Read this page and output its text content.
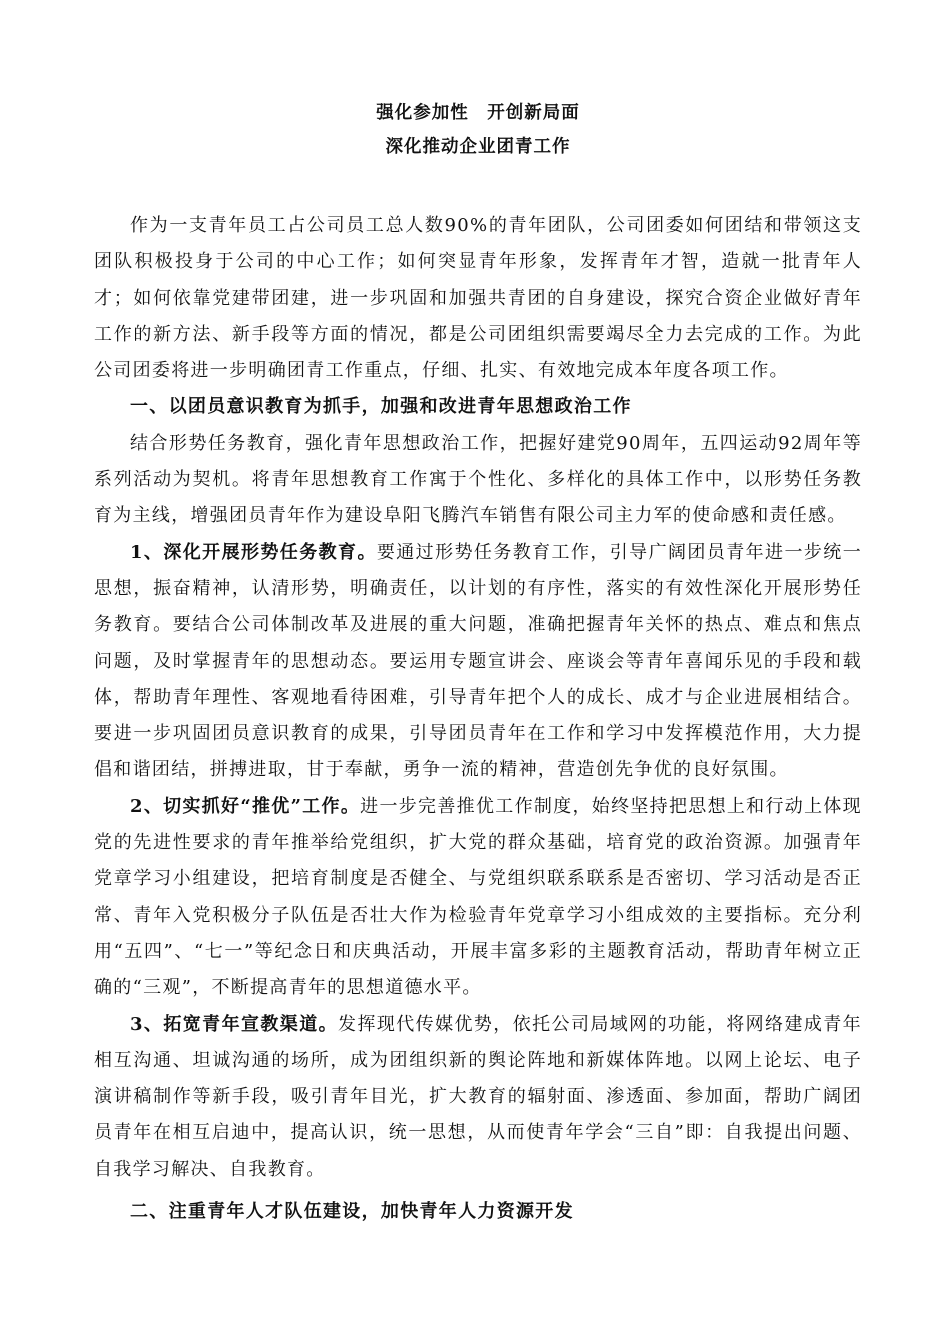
强化参加性　开创新局面

深化推动企业团青工作

作为一支青年员工占公司员工总人数90%的青年团队，公司团委如何团结和带领这支团队积极投身于公司的中心工作；如何突显青年形象，发挥青年才智，造就一批青年人才；如何依靠党建带团建，进一步巩固和加强共青团的自身建设，探究合资企业做好青年工作的新方法、新手段等方面的情况，都是公司团组织需要竭尽全力去完成的工作。为此公司团委将进一步明确团青工作重点，仔细、扎实、有效地完成本年度各项工作。

一、以团员意识教育为抓手，加强和改进青年思想政治工作

结合形势任务教育，强化青年思想政治工作，把握好建党90周年，五四运动92周年等系列活动为契机。将青年思想教育工作寓于个性化、多样化的具体工作中，以形势任务教育为主线，增强团员青年作为建设阜阳飞腾汽车销售有限公司主力军的使命感和责任感。

1、深化开展形势任务教育。要通过形势任务教育工作，引导广阔团员青年进一步统一思想，振奋精神，认清形势，明确责任，以计划的有序性，落实的有效性深化开展形势任务教育。要结合公司体制改革及进展的重大问题，准确把握青年关怀的热点、难点和焦点问题，及时掌握青年的思想动态。要运用专题宣讲会、座谈会等青年喜闻乐见的手段和载体，帮助青年理性、客观地看待困难，引导青年把个人的成长、成才与企业进展相结合。要进一步巩固团员意识教育的成果，引导团员青年在工作和学习中发挥模范作用，大力提倡和谐团结，拼搏进取，甘于奉献，勇争一流的精神，营造创先争优的良好氛围。

2、切实抓好“推优”工作。进一步完善推优工作制度，始终坚持把思想上和行动上体现党的先进性要求的青年推举给党组织，扩大党的群众基础，培育党的政治资源。加强青年党章学习小组建设，把培育制度是否健全、与党组织联系联系是否密切、学习活动是否正常、青年入党积极分子队伍是否壮大作为检验青年党章学习小组成效的主要指标。充分利用“五四”、“七一”等纪念日和庆典活动，开展丰富多彩的主题教育活动，帮助青年树立正确的“三观”，不断提高青年的思想道德水平。

3、拓宽青年宣教渠道。发挥现代传媒优势，依托公司局域网的功能，将网络建成青年相互沟通、坦诚沟通的场所，成为团组织新的舆论阵地和新媒体阵地。以网上论坛、电子演讲稿制作等新手段，吸引青年目光，扩大教育的辐射面、渗透面、参加面，帮助广阔团员青年在相互启迪中，提高认识，统一思想，从而使青年学会“三自”即：自我提出问题、自我学习解决、自我教育。

二、注重青年人才队伍建设，加快青年人力资源开发
